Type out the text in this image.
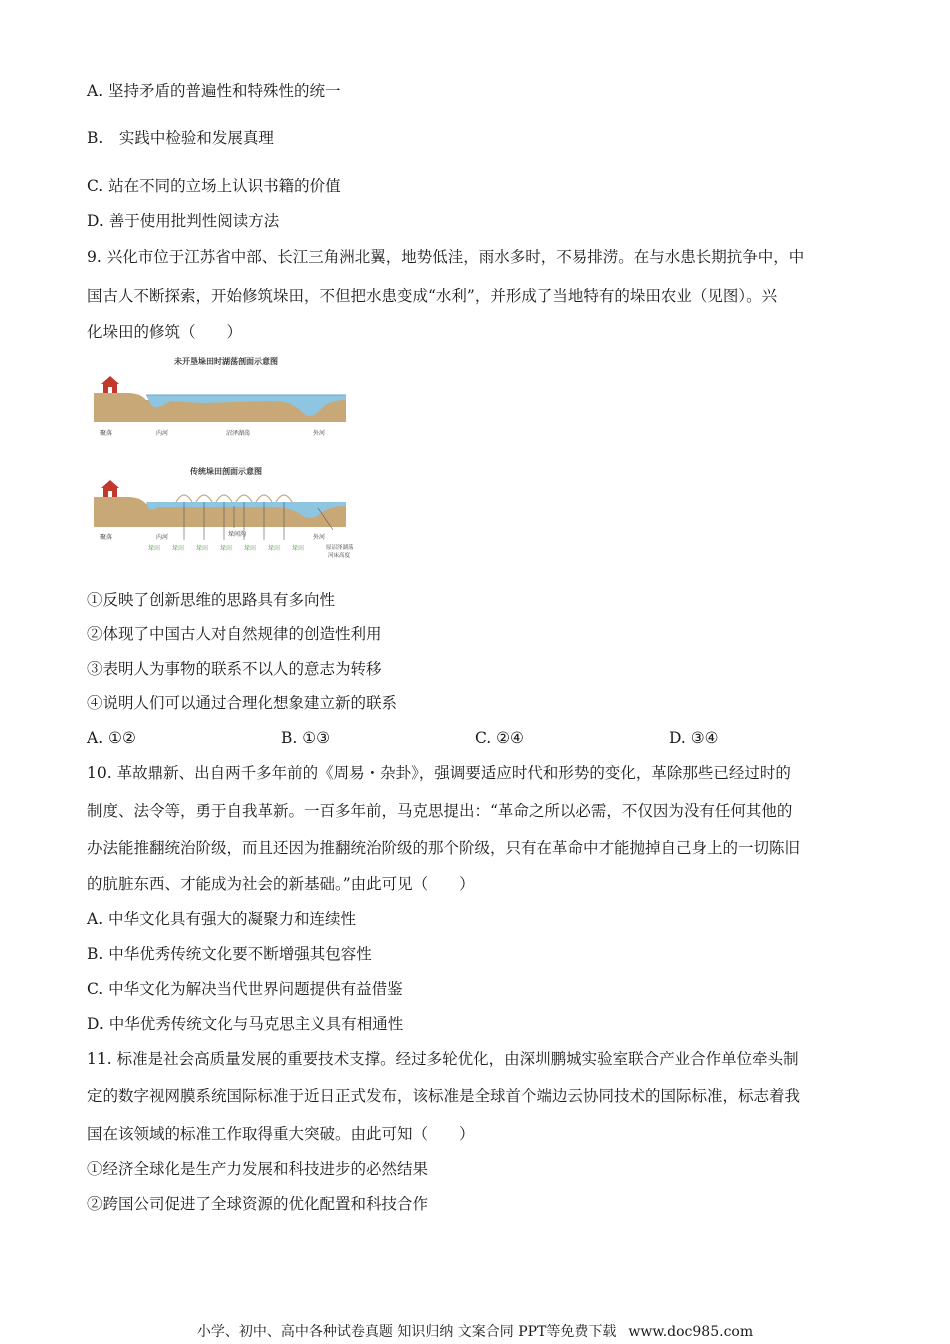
A. 坚持矛盾的普遍性和特殊性的统一
B.　实践中检验和发展真理
C. 站在不同的立场上认识书籍的价值
D. 善于使用批判性阅读方法
9. 兴化市位于江苏省中部、长江三角洲北翼，地势低洼，雨水多时，不易排涝。在与水患长期抗争中，中
国古人不断探索，开始修筑垛田，不但把水患变成“水利”，并形成了当地特有的垛田农业（见图）。兴
化垛田的修筑（　　）
未开垦垛田时湖荡剖面示意图
聚落	内河	沼泽湖荡	外河
传统垛田剖面示意图
聚落	内河	外河
垛间沟
垛田 垛田 垛田 垛田 垛田 垛田 垛田	原沼泽湖荡
河床高度
①反映了创新思维的思路具有多向性
②体现了中国古人对自然规律的创造性利用
③表明人为事物的联系不以人的意志为转移
④说明人们可以通过合理化想象建立新的联系
A. ①②	B. ①③	C. ②④	D. ③④
10. 革故鼎新、出自两千多年前的《周易・杂卦》，强调要适应时代和形势的变化，革除那些已经过时的
制度、法令等，勇于自我革新。一百多年前，马克思提出：“革命之所以必需，不仅因为没有任何其他的
办法能推翻统治阶级，而且还因为推翻统治阶级的那个阶级，只有在革命中才能抛掉自己身上的一切陈旧
的肮脏东西、才能成为社会的新基础。”由此可见（　　）
A. 中华文化具有强大的凝聚力和连续性
B. 中华优秀传统文化要不断增强其包容性
C. 中华文化为解决当代世界问题提供有益借鉴
D. 中华优秀传统文化与马克思主义具有相通性
11. 标准是社会高质量发展的重要技术支撑。经过多轮优化，由深圳鹏城实验室联合产业合作单位牵头制
定的数字视网膜系统国际标准于近日正式发布，该标准是全球首个端边云协同技术的国际标准，标志着我
国在该领域的标准工作取得重大突破。由此可知（　　）
①经济全球化是生产力发展和科技进步的必然结果
②跨国公司促进了全球资源的优化配置和科技合作
小学、初中、高中各种试卷真题 知识归纳 文案合同 PPT等免费下载 www.doc985.com
